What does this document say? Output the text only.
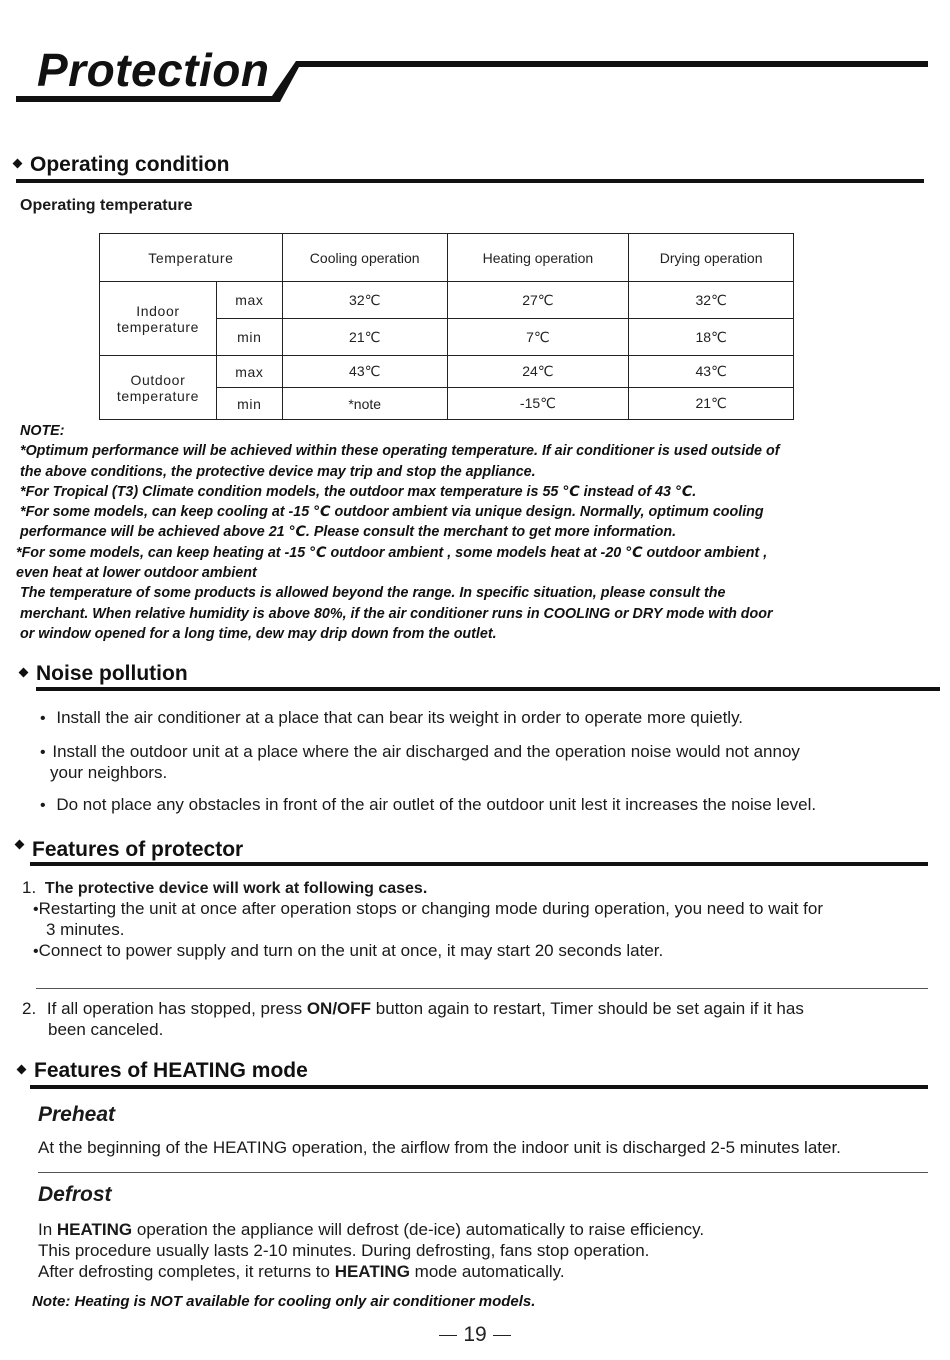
Protection
Operating condition
Operating temperature
Temperature		Cooling operation	Heating operation	Drying operation

Indoor
temperature	max	32℃	27℃	32℃
	min	21℃	7℃	18℃

Outdoor
temperature	max	43℃	24℃	43℃
	min	*note	-15℃	21℃

NOTE:

*Optimum performance will be achieved within these operating temperature. If air conditioner is used outside of

the above conditions, the protective device may trip and stop the appliance.

*For Tropical (T3) Climate condition models, the outdoor max temperature is 55 ℃ instead of 43 ℃.

*For some models, can keep cooling at -15 ℃ outdoor ambient via unique design. Normally, optimum cooling

performance will be achieved above 21 ℃. Please consult the merchant to get more information.

*For some models, can keep heating at -15 ℃ outdoor ambient , some models heat at -20 ℃ outdoor ambient ,

even heat at lower outdoor ambient

The temperature of some products is allowed beyond the range. In specific situation, please consult the

merchant. When relative humidity is above 80%, if the air conditioner runs in COOLING or DRY mode with door

or window opened for a long time, dew may drip down from the outlet.

Noise pollution
• Install the air conditioner at a place that can bear its weight in order to operate more quietly.
• Install the outdoor unit at a place where the air discharged and the operation noise would not annoy
your neighbors.
• Do not place any obstacles in front of the air outlet of the outdoor unit lest it increases the noise level.
Features of protector
1. The protective device will work at following cases.
•Restarting the unit at once after operation stops or changing mode during operation, you need to wait for
3 minutes.
•Connect to power supply and turn on the unit at once, it may start 20 seconds later.
2. If all operation has stopped, press ON/OFF button again to restart, Timer should be set again if it has
been canceled.
Features of HEATING mode
Preheat
At the beginning of the HEATING operation, the airflow from the indoor unit is discharged 2-5 minutes later.
Defrost
In HEATING operation the appliance will defrost (de-ice) automatically to raise efficiency.
This procedure usually lasts 2-10 minutes. During defrosting, fans stop operation.
After defrosting completes, it returns to HEATING mode automatically.
Note: Heating is NOT available for cooling only air conditioner models.
19
